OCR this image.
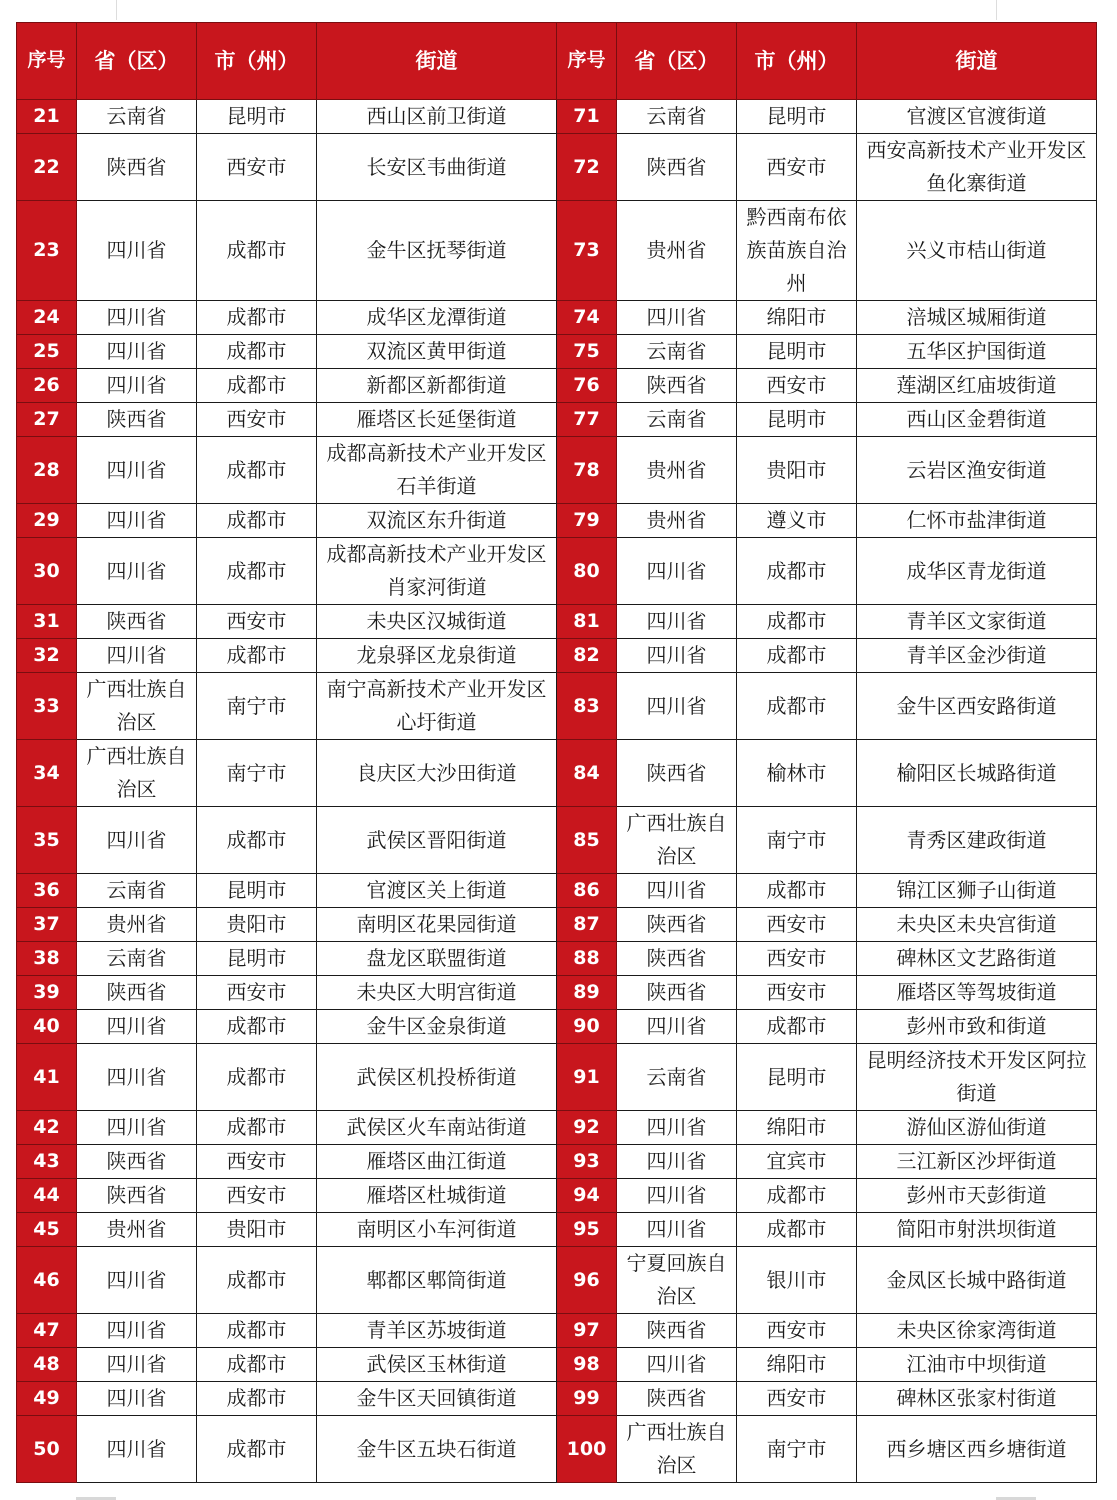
序号	省（区）	市（州）	街道	序号	省（区）	市（州）	街道
21	云南省	昆明市	西山区前卫街道	71	云南省	昆明市	官渡区官渡街道
22	陕西省	西安市	长安区韦曲街道	72	陕西省	西安市	西安高新技术产业开发区鱼化寨街道
23	四川省	成都市	金牛区抚琴街道	73	贵州省	黔西南布依族苗族自治州	兴义市桔山街道
24	四川省	成都市	成华区龙潭街道	74	四川省	绵阳市	涪城区城厢街道
25	四川省	成都市	双流区黄甲街道	75	云南省	昆明市	五华区护国街道
26	四川省	成都市	新都区新都街道	76	陕西省	西安市	莲湖区红庙坡街道
27	陕西省	西安市	雁塔区长延堡街道	77	云南省	昆明市	西山区金碧街道
28	四川省	成都市	成都高新技术产业开发区石羊街道	78	贵州省	贵阳市	云岩区渔安街道
29	四川省	成都市	双流区东升街道	79	贵州省	遵义市	仁怀市盐津街道
30	四川省	成都市	成都高新技术产业开发区肖家河街道	80	四川省	成都市	成华区青龙街道
31	陕西省	西安市	未央区汉城街道	81	四川省	成都市	青羊区文家街道
32	四川省	成都市	龙泉驿区龙泉街道	82	四川省	成都市	青羊区金沙街道
33	广西壮族自治区	南宁市	南宁高新技术产业开发区心圩街道	83	四川省	成都市	金牛区西安路街道
34	广西壮族自治区	南宁市	良庆区大沙田街道	84	陕西省	榆林市	榆阳区长城路街道
35	四川省	成都市	武侯区晋阳街道	85	广西壮族自治区	南宁市	青秀区建政街道
36	云南省	昆明市	官渡区关上街道	86	四川省	成都市	锦江区狮子山街道
37	贵州省	贵阳市	南明区花果园街道	87	陕西省	西安市	未央区未央宫街道
38	云南省	昆明市	盘龙区联盟街道	88	陕西省	西安市	碑林区文艺路街道
39	陕西省	西安市	未央区大明宫街道	89	陕西省	西安市	雁塔区等驾坡街道
40	四川省	成都市	金牛区金泉街道	90	四川省	成都市	彭州市致和街道
41	四川省	成都市	武侯区机投桥街道	91	云南省	昆明市	昆明经济技术开发区阿拉街道
42	四川省	成都市	武侯区火车南站街道	92	四川省	绵阳市	游仙区游仙街道
43	陕西省	西安市	雁塔区曲江街道	93	四川省	宜宾市	三江新区沙坪街道
44	陕西省	西安市	雁塔区杜城街道	94	四川省	成都市	彭州市天彭街道
45	贵州省	贵阳市	南明区小车河街道	95	四川省	成都市	简阳市射洪坝街道
46	四川省	成都市	郫都区郫筒街道	96	宁夏回族自治区	银川市	金凤区长城中路街道
47	四川省	成都市	青羊区苏坡街道	97	陕西省	西安市	未央区徐家湾街道
48	四川省	成都市	武侯区玉林街道	98	四川省	绵阳市	江油市中坝街道
49	四川省	成都市	金牛区天回镇街道	99	陕西省	西安市	碑林区张家村街道
50	四川省	成都市	金牛区五块石街道	100	广西壮族自治区	南宁市	西乡塘区西乡塘街道
